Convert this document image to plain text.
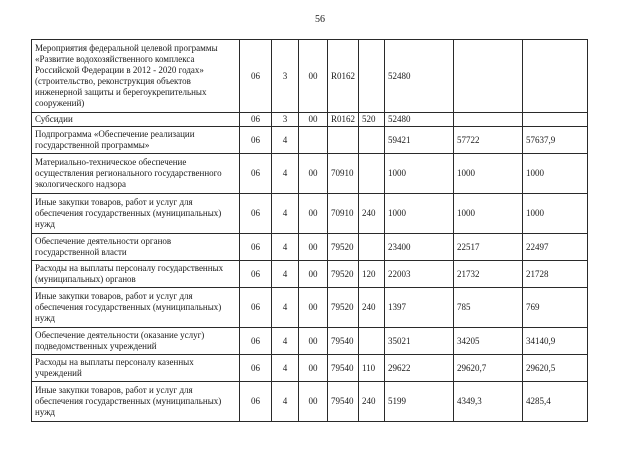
56
Мероприятия федеральной целевой программы «Развитие водохозяйственного комплекса Российской Федерации в 2012 - 2020 годах» (строительство, реконструкция объектов инженерной защиты и берегоукрепительных сооружений)	06	3	00	R0162		52480		
Субсидии	06	3	00	R0162	520	52480		
Подпрограмма «Обеспечение реализации государственной программы»	06	4				59421	57722	57637,9
Материально-техническое обеспечение осуществления регионального государственного экологического надзора	06	4	00	70910		1000	1000	1000
Иные закупки товаров, работ и услуг для обеспечения государственных (муниципальных) нужд	06	4	00	70910	240	1000	1000	1000
Обеспечение деятельности органов государственной власти	06	4	00	79520		23400	22517	22497
Расходы на выплаты персоналу государственных (муниципальных) органов	06	4	00	79520	120	22003	21732	21728
Иные закупки товаров, работ и услуг для обеспечения государственных (муниципальных) нужд	06	4	00	79520	240	1397	785	769
Обеспечение деятельности (оказание услуг) подведомственных учреждений	06	4	00	79540		35021	34205	34140,9
Расходы на выплаты персоналу казенных учреждений	06	4	00	79540	110	29622	29620,7	29620,5
Иные закупки товаров, работ и услуг для обеспечения государственных (муниципальных) нужд	06	4	00	79540	240	5199	4349,3	4285,4
